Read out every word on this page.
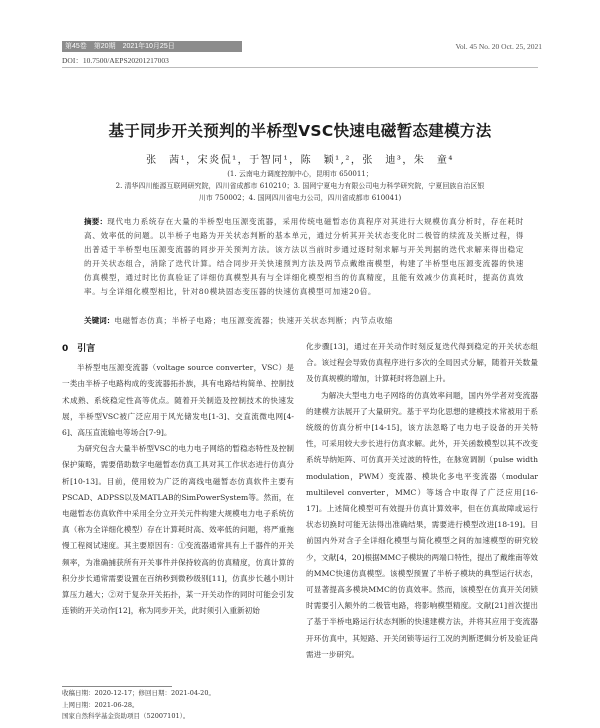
第45卷　第20期　2021年10月25日	Vol. 45 No. 20 Oct. 25, 2021
DOI：10.7500/AEPS20201217003
基于同步开关预判的半桥型VSC快速电磁暂态建模方法
张　茜¹，宋炎侃¹，于智同¹，陈　颖¹,²，张　迪³，朱　童⁴
(1. 云南电力调度控制中心，昆明市 650011；
2. 清华四川能源互联网研究院，四川省成都市 610210；3. 国网宁夏电力有限公司电力科学研究院，宁夏回族自治区银
川市 750002；4. 国网四川省电力公司，四川省成都市 610041)
摘要：现代电力系统存在大量的半桥型电压源变流器，采用传统电磁暂态仿真程序对其进行大规模仿真分析时，存在耗时高、效率低的问题。以半桥子电路为开关状态判断的基本单元，通过分析其开关状态变化时二极管的续流及关断过程，得出普适于半桥型电压源变流器的同步开关预判方法。该方法以当前时步通过逐时刻求解与开关判据的迭代求解来得出稳定的开关状态组合，消除了迭代计算。结合同步开关快速预判方法及两节点戴维南模型，构建了半桥型电压源变流器的快速仿真模型，通过时比仿真验证了详细仿真模型具有与全详细化模型相当的仿真精度，且能有效减少仿真耗时，提高仿真效率。与全详细化模型相比，针对80模块固态变压器的快速仿真模型可加速20倍。
关键词：电磁暂态仿真；半桥子电路；电压源变流器；快速开关状态判断；内节点收缩
0　引言

半桥型电压源变流器（voltage source converter，VSC）是一类由半桥子电路构成的变流器拓扑族，具有电路结构简单、控制技术成熟、系统稳定性高等优点。随着开关制造及控制技术的快速发展，半桥型VSC被广泛应用于风光储发电[1-3]、交直流微电网[4-6]、高压直流输电等场合[7-9]。

为研究包含大量半桥型VSC的电力电子网络的暂稳态特性及控制保护策略，需要借助数字电磁暂态仿真工具对其工作状态进行仿真分析[10-13]。目前，使用较为广泛的离线电磁暂态仿真软件主要有PSCAD、ADPSS以及MATLAB的SimPowerSystem等。然而，在电磁暂态仿真软件中采用全分立开关元件构建大规模电力电子系统仿真（称为全详细化模型）存在计算耗时高、效率低的问题，将严重拖慢工程阅试速度。其主要原因有：①变流器通常具有上千器件的开关频率，为准确捕获所有开关事件并保持较高的仿真精度，仿真计算的积分步长通常需要设置在百纳秒到微秒级别[11]，仿真步长越小则计算压力越大；②对于复杂开关拓扑，某一开关动作的同时可能会引发连锁的开关动作[12]，称为同步开关，此时须引入重新初始

化步骤[13]，通过在开关动作时刻反复迭代得到稳定的开关状态组合。该过程会导致仿真程序进行多次的全局因式分解，随着开关数量及仿真规模的增加，计算耗时将急剧上升。

为解决大型电力电子网络的仿真效率问题，国内外学者对变流器的建模方法展开了大量研究。基于平均化思想的建模技术常被用于系统级的仿真分析中[14-15]，该方法忽略了电力电子设备的开关特性，可采用较大步长进行仿真求解。此外，开关函数模型以其不改变系统导纳矩阵、可仿真开关过波的特性，在脉宽调制（pulse width modulation，PWM）变流器、模块化多电平变流器（modular multilevel converter，MMC）等场合中取得了广泛应用[16-17]。上述简化模型可有效提升仿真计算效率，但在仿真故障或运行状态切换时可能无法得出准确结果，需要进行模型改进[18-19]。目前国内外对含子全详细化模型与简化模型之间的加速模型的研究较少，文献[4，20]根据MMC子模块的两端口特性，提出了戴维南等效的MMC快速仿真模型。该模型预置了半桥子模块的典型运行状态，可显著提高多模块MMC的仿真效率。然而，该模型在仿真开关闭锁时需要引入额外的二极管电路，将影响模型精度。文献[21]首次提出了基于半桥电路运行状态判断的快速建模方法，并将其应用于变流器开环仿真中，其短路、开关闭锁等运行工况的判断逻辑分析及验证尚需进一步研究。

收稿日期：2020-12-17；修回日期：2021-04-20。

上网日期：2021-06-28。

国家自然科学基金资助项目（52007101）。
